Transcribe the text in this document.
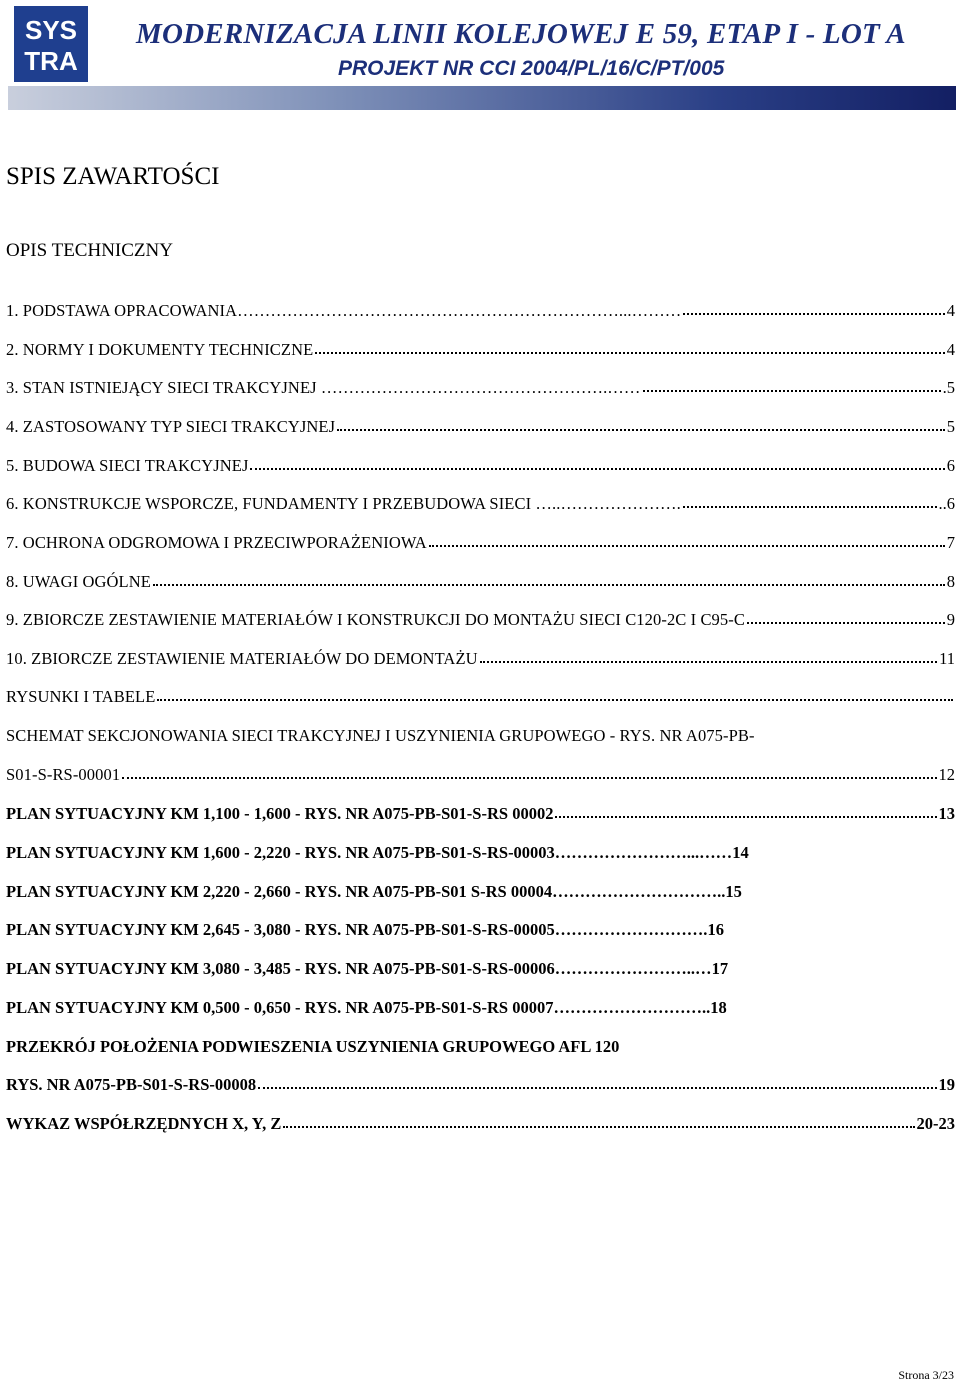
SYS
TRA
MODERNIZACJA LINII KOLEJOWEJ E 59, ETAP I - LOT A
PROJEKT NR CCI 2004/PL/16/C/PT/005
SPIS ZAWARTOŚCI
OPIS TECHNICZNY
1. PODSTAWA OPRACOWANIA……………………………………………………………...………	4
2. NORMY I DOKUMENTY TECHNICZNE	4
3. STAN ISTNIEJĄCY SIECI TRAKCYJNEJ …………………………………………….……	.5
4. ZASTOSOWANY TYP SIECI TRAKCYJNEJ	5
5. BUDOWA SIECI TRAKCYJNEJ	6
6. KONSTRUKCJE WSPORCZE, FUNDAMENTY I PRZEBUDOWA SIECI …..………………….	..6
7. OCHRONA ODGROMOWA I PRZECIWPORAŻENIOWA	7
8. UWAGI OGÓLNE	8
9. ZBIORCZE ZESTAWIENIE MATERIAŁÓW I KONSTRUKCJI DO MONTAŻU SIECI C120-2C I C95-C	9
10. ZBIORCZE ZESTAWIENIE MATERIAŁÓW DO DEMONTAŻU	11
RYSUNKI I TABELE
SCHEMAT SEKCJONOWANIA SIECI TRAKCYJNEJ I USZYNIENIA GRUPOWEGO - RYS. NR A075-PB-
S01-S-RS-00001	12
PLAN SYTUACYJNY KM 1,100 - 1,600 - RYS. NR A075-PB-S01-S-RS 00002	13
PLAN SYTUACYJNY KM 1,600 - 2,220 - RYS. NR A075-PB-S01-S-RS-00003……………………...…… 14
PLAN SYTUACYJNY KM 2,220 - 2,660 - RYS. NR A075-PB-S01 S-RS 00004………………………….. 15
PLAN SYTUACYJNY KM 2,645 - 3,080 - RYS. NR A075-PB-S01-S-RS-00005………………………. 16
PLAN SYTUACYJNY KM 3,080 - 3,485 - RYS. NR A075-PB-S01-S-RS-00006……………………..… 17
PLAN SYTUACYJNY KM 0,500 - 0,650 - RYS. NR A075-PB-S01-S-RS 00007……………………….. 18
PRZEKRÓJ POŁOŻENIA PODWIESZENIA USZYNIENIA GRUPOWEGO AFL 120
RYS. NR A075-PB-S01-S-RS-00008	19
WYKAZ WSPÓŁRZĘDNYCH X, Y, Z	20-23
Strona 3/23
